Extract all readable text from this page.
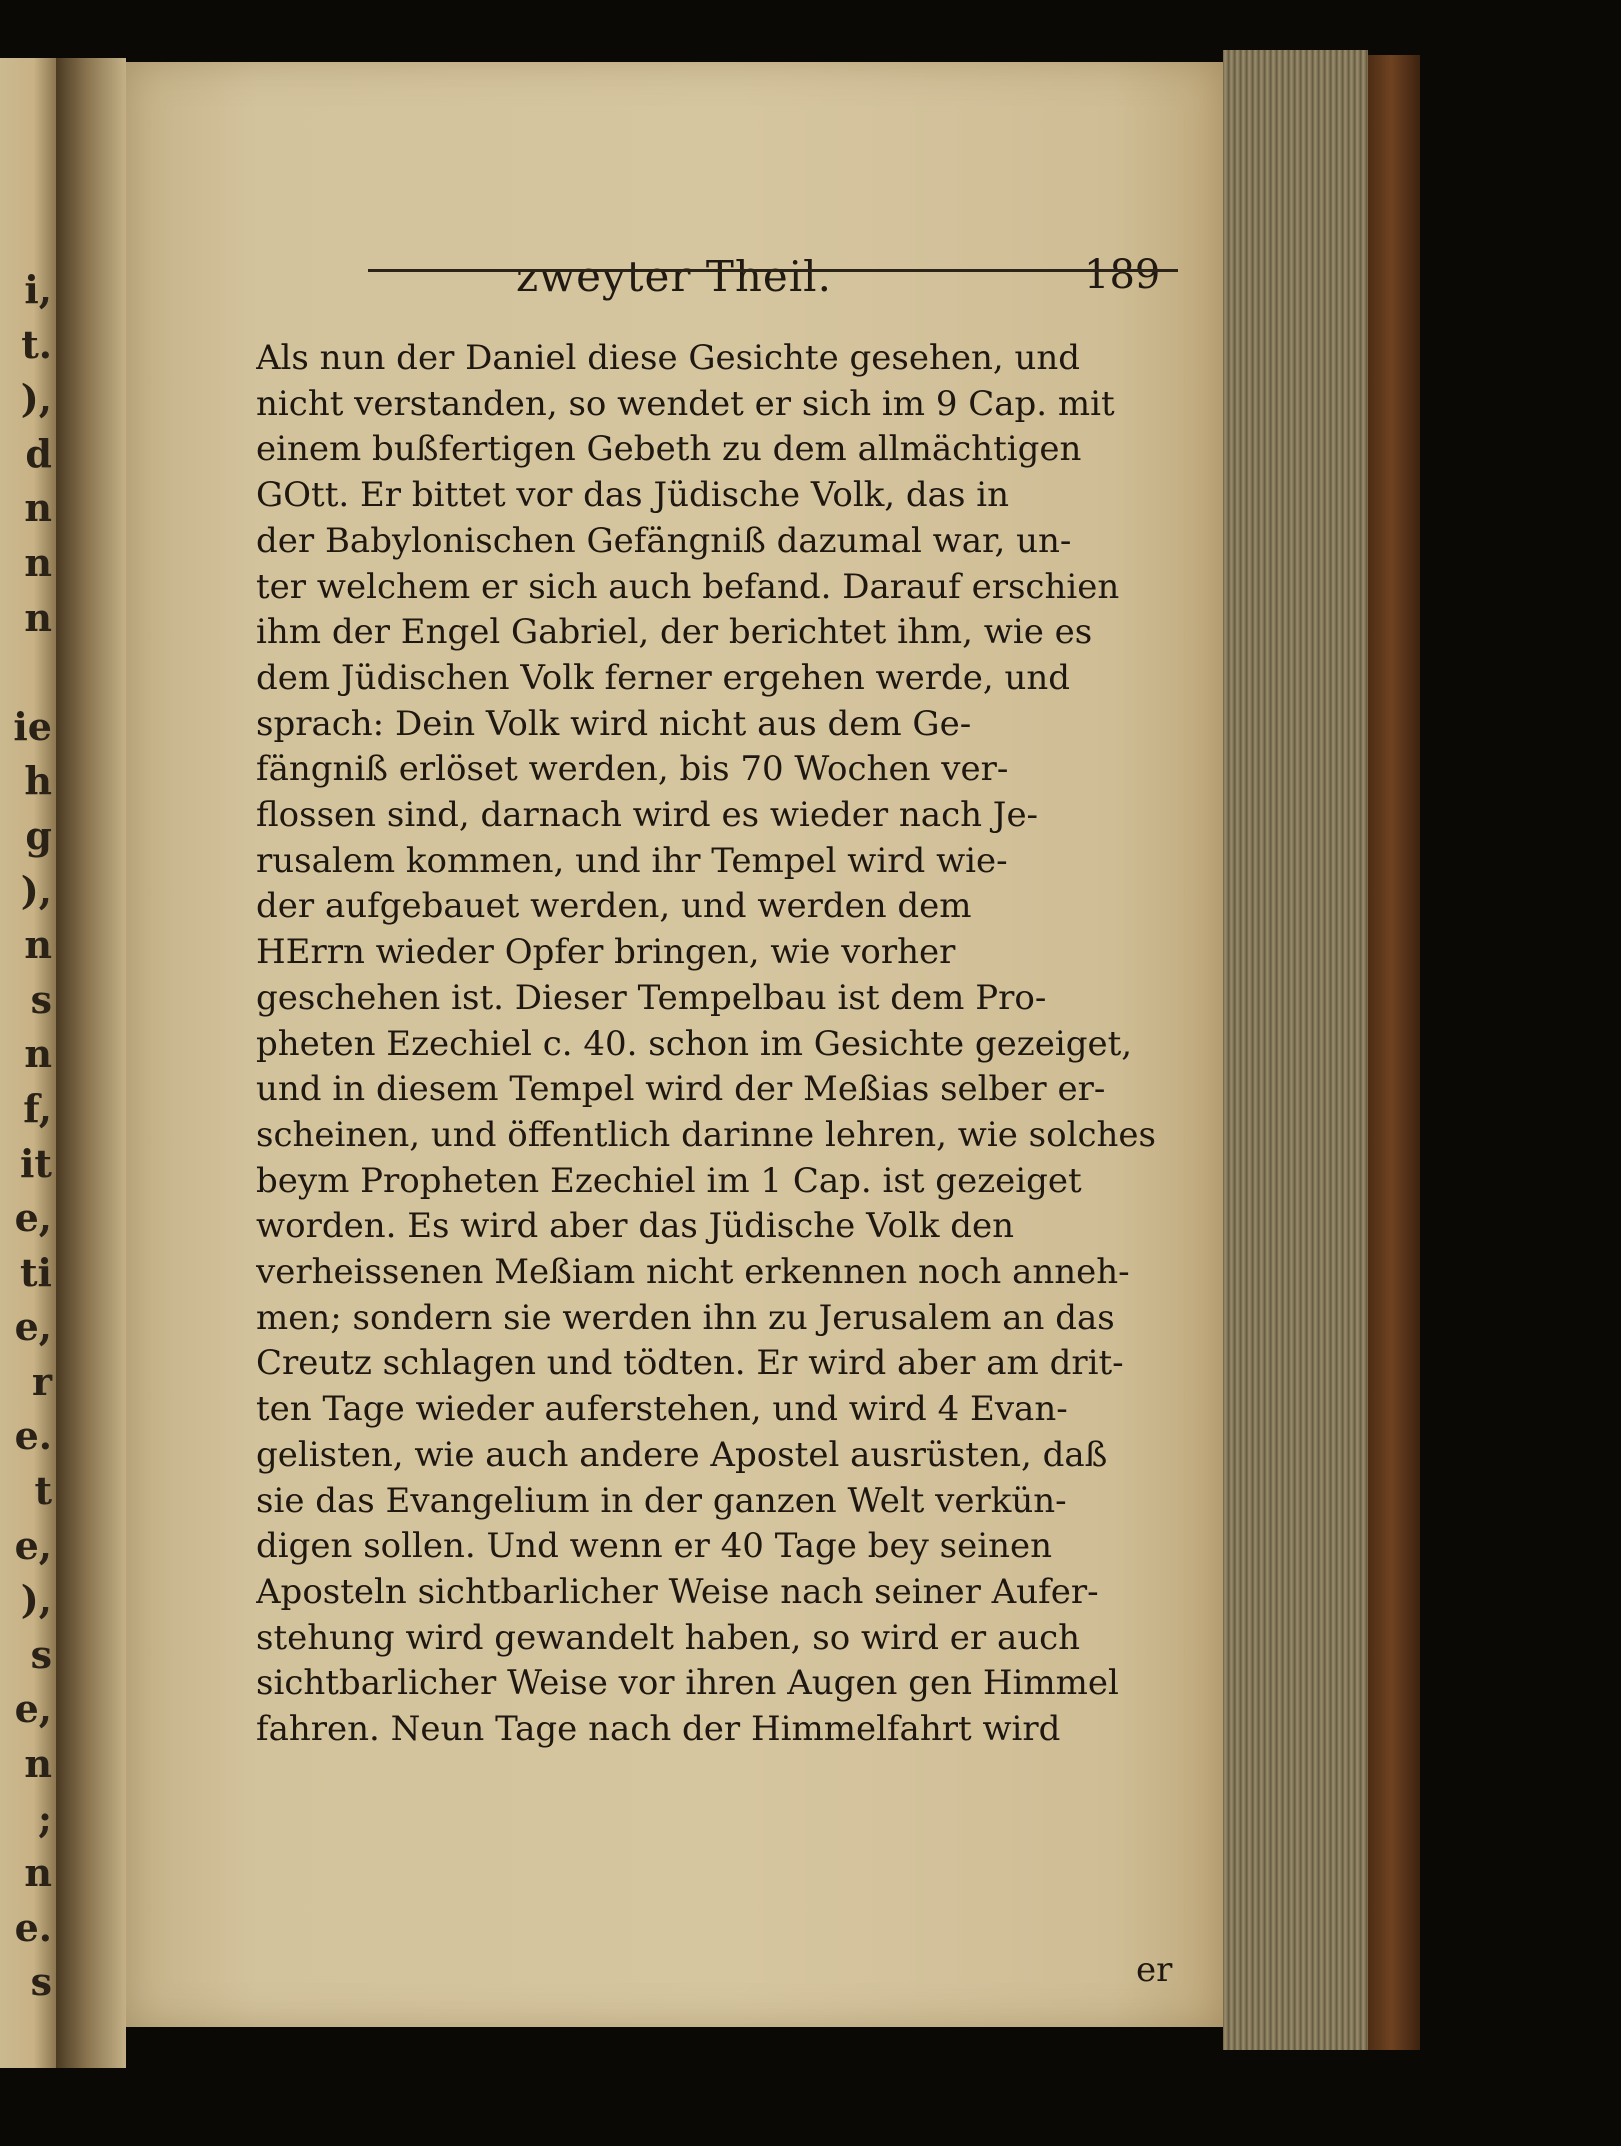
i,
t.
),
d
n
n
n

ie
h
g
),
n
s
n
f,
it
e,
ti
e,
r
e.
t
e,
),
s
e,
n
;
n
e.
s
zweyter Theil.	189
Als nun der Daniel diese Gesichte gesehen, und
nicht verstanden, so wendet er sich im 9 Cap. mit
einem bußfertigen Gebeth zu dem allmächtigen
GOtt. Er bittet vor das Jüdische Volk, das in
der Babylonischen Gefängniß dazumal war, un-
ter welchem er sich auch befand. Darauf erschien
ihm der Engel Gabriel, der berichtet ihm, wie es
dem Jüdischen Volk ferner ergehen werde, und
sprach: Dein Volk wird nicht aus dem Ge-
fängniß erlöset werden, bis 70 Wochen ver-
flossen sind, darnach wird es wieder nach Je-
rusalem kommen, und ihr Tempel wird wie-
der aufgebauet werden, und werden dem
HErrn wieder Opfer bringen, wie vorher
geschehen ist. Dieser Tempelbau ist dem Pro-
pheten Ezechiel c. 40. schon im Gesichte gezeiget,
und in diesem Tempel wird der Meßias selber er-
scheinen, und öffentlich darinne lehren, wie solches
beym Propheten Ezechiel im 1 Cap. ist gezeiget
worden. Es wird aber das Jüdische Volk den
verheissenen Meßiam nicht erkennen noch anneh-
men; sondern sie werden ihn zu Jerusalem an das
Creutz schlagen und tödten. Er wird aber am drit-
ten Tage wieder auferstehen, und wird 4 Evan-
gelisten, wie auch andere Apostel ausrüsten, daß
sie das Evangelium in der ganzen Welt verkün-
digen sollen. Und wenn er 40 Tage bey seinen
Aposteln sichtbarlicher Weise nach seiner Aufer-
stehung wird gewandelt haben, so wird er auch
sichtbarlicher Weise vor ihren Augen gen Himmel
fahren. Neun Tage nach der Himmelfahrt wird
er
